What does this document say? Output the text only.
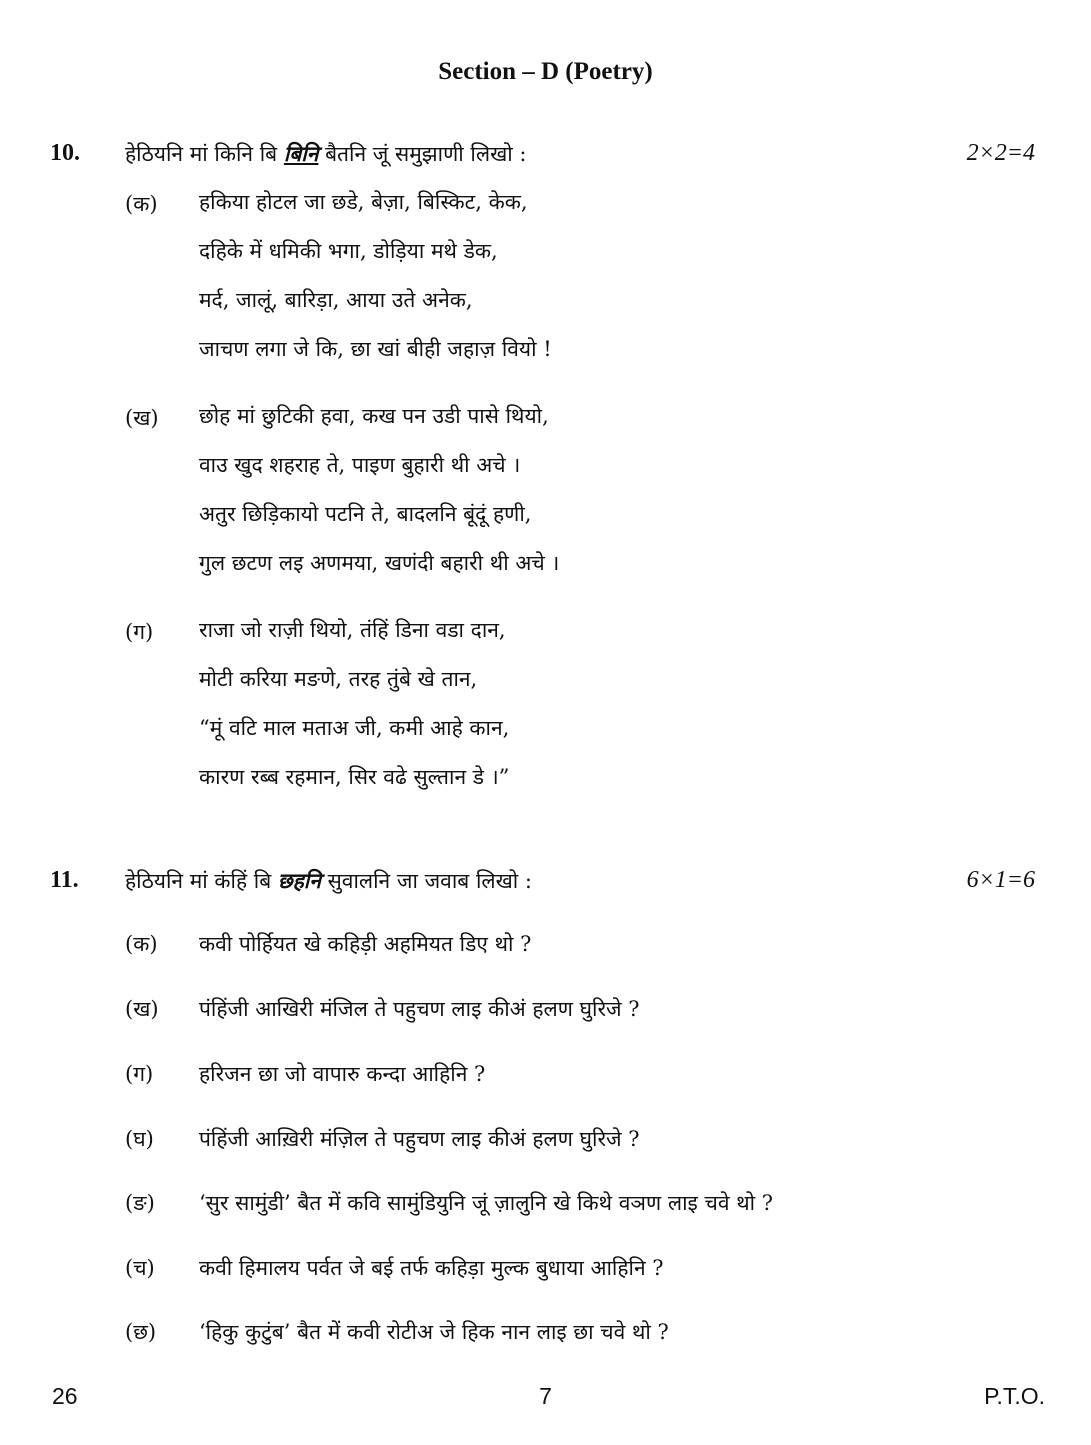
Section – D (Poetry)
10. हेठियनि मां किनि बि बिनि बैतनि जूं समुझाणी लिखो :	2×2=4
(क) हकिया होटल जा छडे, बेज़ा, बिस्किट, केक,
दहिके में धमिकी भगा, डोड़िया मथे डेक,
मर्द, जालूं, बारिड़ा, आया उते अनेक,
जाचण लगा जे कि, छा खां बीही जहाज़ वियो !
(ख) छोह मां छुटिकी हवा, कख पन उडी पासे थियो,
वाउ खुद शहराह ते, पाइण बुहारी थी अचे ।
अतुर छिड़िकायो पटनि ते, बादलनि बूंदूं हणी,
गुल छटण लइ अणमया, खणंदी बहारी थी अचे ।
(ग) राजा जो राज़ी थियो, तंहिं डिना वडा दान,
मोटी करिया मङणे, तरह तुंबे खे तान,
“मूं वटि माल मताअ जी, कमी आहे कान,
कारण रब्ब रहमान, सिर वढे सुल्तान डे ।”
11. हेठियनि मां कंहिं बि छहनि सुवालनि जा जवाब लिखो :	6×1=6
(क) कवी पोर्हियत खे कहिड़ी अहमियत डिए थो ?
(ख) पंहिंजी आखिरी मंजिल ते पहुचण लाइ कीअं हलण घुरिजे ?
(ग) हरिजन छा जो वापारु कन्दा आहिनि ?
(घ) पंहिंजी आख़िरी मंज़िल ते पहुचण लाइ कीअं हलण घुरिजे ?
(ङ) ‘सुर सामुंडी’ बैत में कवि सामुंडियुनि जूं ज़ालुनि खे किथे वञण लाइ चवे थो ?
(च) कवी हिमालय पर्वत जे बई तर्फ कहिड़ा मुल्क बुधाया आहिनि ?
(छ) ‘हिकु कुटुंब’ बैत में कवी रोटीअ जे हिक नान लाइ छा चवे थो ?
26	7	P.T.O.
